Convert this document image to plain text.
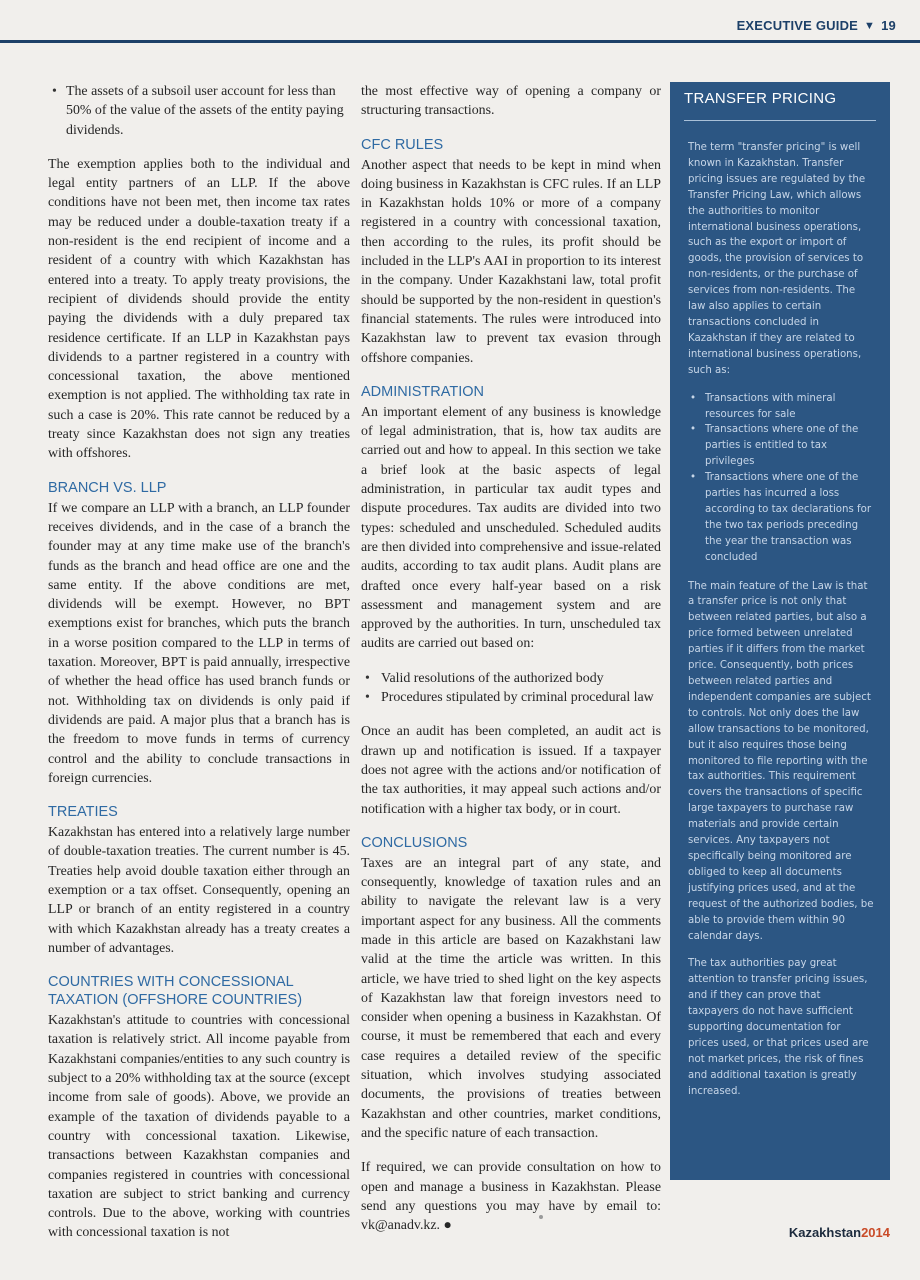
EXECUTIVE GUIDE ▼ 19
• The assets of a subsoil user account for less than 50% of the value of the assets of the entity paying dividends.

The exemption applies both to the individual and legal entity partners of an LLP. If the above conditions have not been met, then income tax rates may be reduced under a double-taxation treaty if a non-resident is the end recipient of income and a resident of a country with which Kazakhstan has entered into a treaty. To apply treaty provisions, the recipient of dividends should provide the entity paying the dividends with a duly prepared tax residence certificate. If an LLP in Kazakhstan pays dividends to a partner registered in a country with concessional taxation, the above mentioned exemption is not applied. The withholding tax rate in such a case is 20%. This rate cannot be reduced by a treaty since Kazakhstan does not sign any treaties with offshores.

BRANCH VS. LLP

If we compare an LLP with a branch, an LLP founder receives dividends, and in the case of a branch the founder may at any time make use of the branch's funds as the branch and head office are one and the same entity. If the above conditions are met, dividends will be exempt. However, no BPT exemptions exist for branches, which puts the branch in a worse position compared to the LLP in terms of taxation. Moreover, BPT is paid annually, irrespective of whether the head office has used branch funds or not. Withholding tax on dividends is only paid if dividends are paid. A major plus that a branch has is the freedom to move funds in terms of currency control and the ability to conclude transactions in foreign currencies.

TREATIES

Kazakhstan has entered into a relatively large number of double-taxation treaties. The current number is 45. Treaties help avoid double taxation either through an exemption or a tax offset. Consequently, opening an LLP or branch of an entity registered in a country with which Kazakhstan already has a treaty creates a number of advantages.

COUNTRIES WITH CONCESSIONAL TAXATION (OFFSHORE COUNTRIES)

Kazakhstan's attitude to countries with concessional taxation is relatively strict. All income payable from Kazakhstani companies/entities to any such country is subject to a 20% withholding tax at the source (except income from sale of goods). Above, we provide an example of the taxation of dividends payable to a country with concessional taxation. Likewise, transactions between Kazakhstan companies and companies registered in countries with concessional taxation are subject to strict banking and currency controls. Due to the above, working with countries with concessional taxation is not

the most effective way of opening a company or structuring transactions.

CFC RULES

Another aspect that needs to be kept in mind when doing business in Kazakhstan is CFC rules. If an LLP in Kazakhstan holds 10% or more of a company registered in a country with concessional taxation, then according to the rules, its profit should be included in the LLP's AAI in proportion to its interest in the company. Under Kazakhstani law, total profit should be supported by the non-resident in question's financial statements. The rules were introduced into Kazakhstan law to prevent tax evasion through offshore companies.

ADMINISTRATION

An important element of any business is knowledge of legal administration, that is, how tax audits are carried out and how to appeal. In this section we take a brief look at the basic aspects of legal administration, in particular tax audit types and dispute procedures. Tax audits are divided into two types: scheduled and unscheduled. Scheduled audits are then divided into comprehensive and issue-related audits, according to tax audit plans. Audit plans are drafted once every half-year based on a risk assessment and management system and are approved by the authorities. In turn, unscheduled tax audits are carried out based on:

• Valid resolutions of the authorized body
• Procedures stipulated by criminal procedural law

Once an audit has been completed, an audit act is drawn up and notification is issued. If a taxpayer does not agree with the actions and/or notification of the tax authorities, it may appeal such actions and/or notification with a higher tax body, or in court.

CONCLUSIONS

Taxes are an integral part of any state, and consequently, knowledge of taxation rules and an ability to navigate the relevant law is a very important aspect for any business. All the comments made in this article are based on Kazakhstani law valid at the time the article was written. In this article, we have tried to shed light on the key aspects of Kazakhstan law that foreign investors need to consider when opening a business in Kazakhstan. Of course, it must be remembered that each and every case requires a detailed review of the specific situation, which involves studying associated documents, the provisions of treaties between Kazakhstan and other countries, market conditions, and the specific nature of each transaction.

If required, we can provide consultation on how to open and manage a business in Kazakhstan. Please send any questions you may have by email to: vk@anadv.kz. ●

TRANSFER PRICING

The term "transfer pricing" is well known in Kazakhstan. Transfer pricing issues are regulated by the Transfer Pricing Law, which allows the authorities to monitor international business operations, such as the export or import of goods, the provision of services to non-residents, or the purchase of services from non-residents. The law also applies to certain transactions concluded in Kazakhstan if they are related to international business operations, such as:

• Transactions with mineral resources for sale
• Transactions where one of the parties is entitled to tax privileges
• Transactions where one of the parties has incurred a loss according to tax declarations for the two tax periods preceding the year the transaction was concluded

The main feature of the Law is that a transfer price is not only that between related parties, but also a price formed between unrelated parties if it differs from the market price. Consequently, both prices between related parties and independent companies are subject to controls. Not only does the law allow transactions to be monitored, but it also requires those being monitored to file reporting with the tax authorities. This requirement covers the transactions of specific large taxpayers to purchase raw materials and provide certain services. Any taxpayers not specifically being monitored are obliged to keep all documents justifying prices used, and at the request of the authorized bodies, be able to provide them within 90 calendar days.

The tax authorities pay great attention to transfer pricing issues, and if they can prove that taxpayers do not have sufficient supporting documentation for prices used, or that prices used are not market prices, the risk of fines and additional taxation is greatly increased.

Kazakhstan2014
